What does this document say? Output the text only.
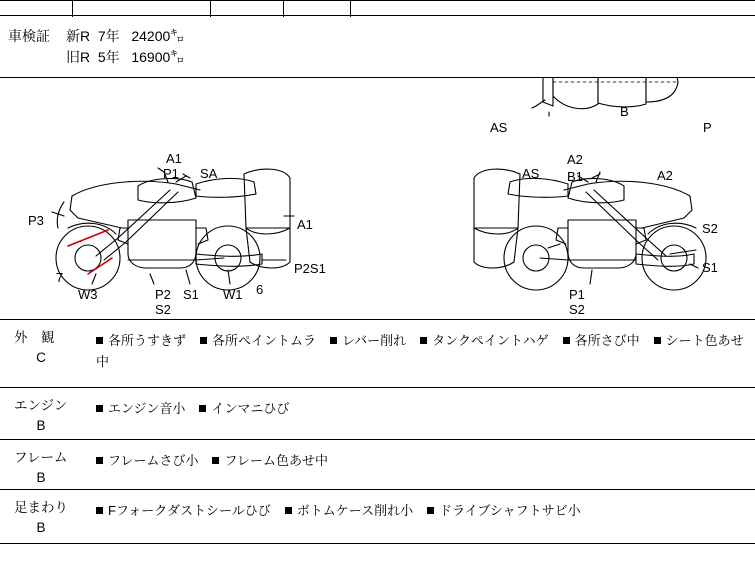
車検証 新R  7年   24200㌔
旧R  5年   16900㌔
AS
B
P
A1
P1 SA
P3	A1
P2S1
7
W3	P2 S1
S2
W1 6
AS
A2
B1	A2
S2
S1
P1
S2
外　観
C
各所うすきず 各所ペイントムラ レバー削れ タンクペイントハゲ 各所さび中 シート色あせ中
エンジン
B
エンジン音小 インマニひび
フレーム
B
フレームさび小 フレーム色あせ中
足まわり
B
Fフォークダストシールひび ボトムケース削れ小 ドライブシャフトサビ小
